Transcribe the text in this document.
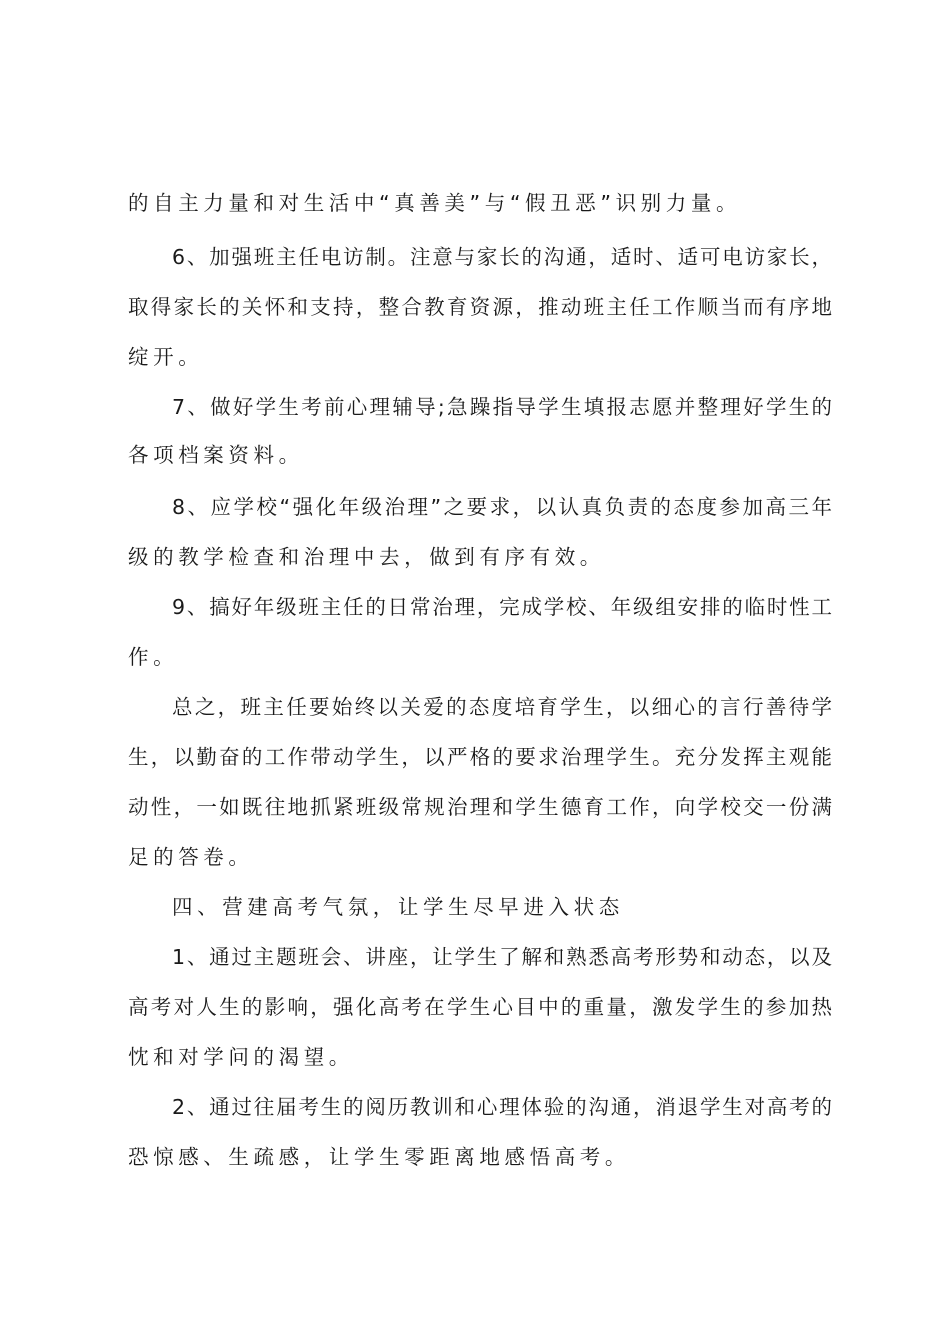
的自主力量和对生活中“真善美”与“假丑恶”识别力量。
6、加强班主任电访制。注意与家长的沟通，适时、适可电访家长，
取得家长的关怀和支持，整合教育资源，推动班主任工作顺当而有序地
绽开。
7、做好学生考前心理辅导;急躁指导学生填报志愿并整理好学生的
各项档案资料。
8、应学校“强化年级治理”之要求，以认真负责的态度参加高三年
级的教学检查和治理中去，做到有序有效。
9、搞好年级班主任的日常治理，完成学校、年级组安排的临时性工
作。
总之，班主任要始终以关爱的态度培育学生，以细心的言行善待学
生，以勤奋的工作带动学生，以严格的要求治理学生。充分发挥主观能
动性，一如既往地抓紧班级常规治理和学生德育工作，向学校交一份满
足的答卷。
四、营建高考气氛，让学生尽早进入状态
1、通过主题班会、讲座，让学生了解和熟悉高考形势和动态，以及
高考对人生的影响，强化高考在学生心目中的重量，激发学生的参加热
忱和对学问的渴望。
2、通过往届考生的阅历教训和心理体验的沟通，消退学生对高考的
恐惊感、生疏感，让学生零距离地感悟高考。
